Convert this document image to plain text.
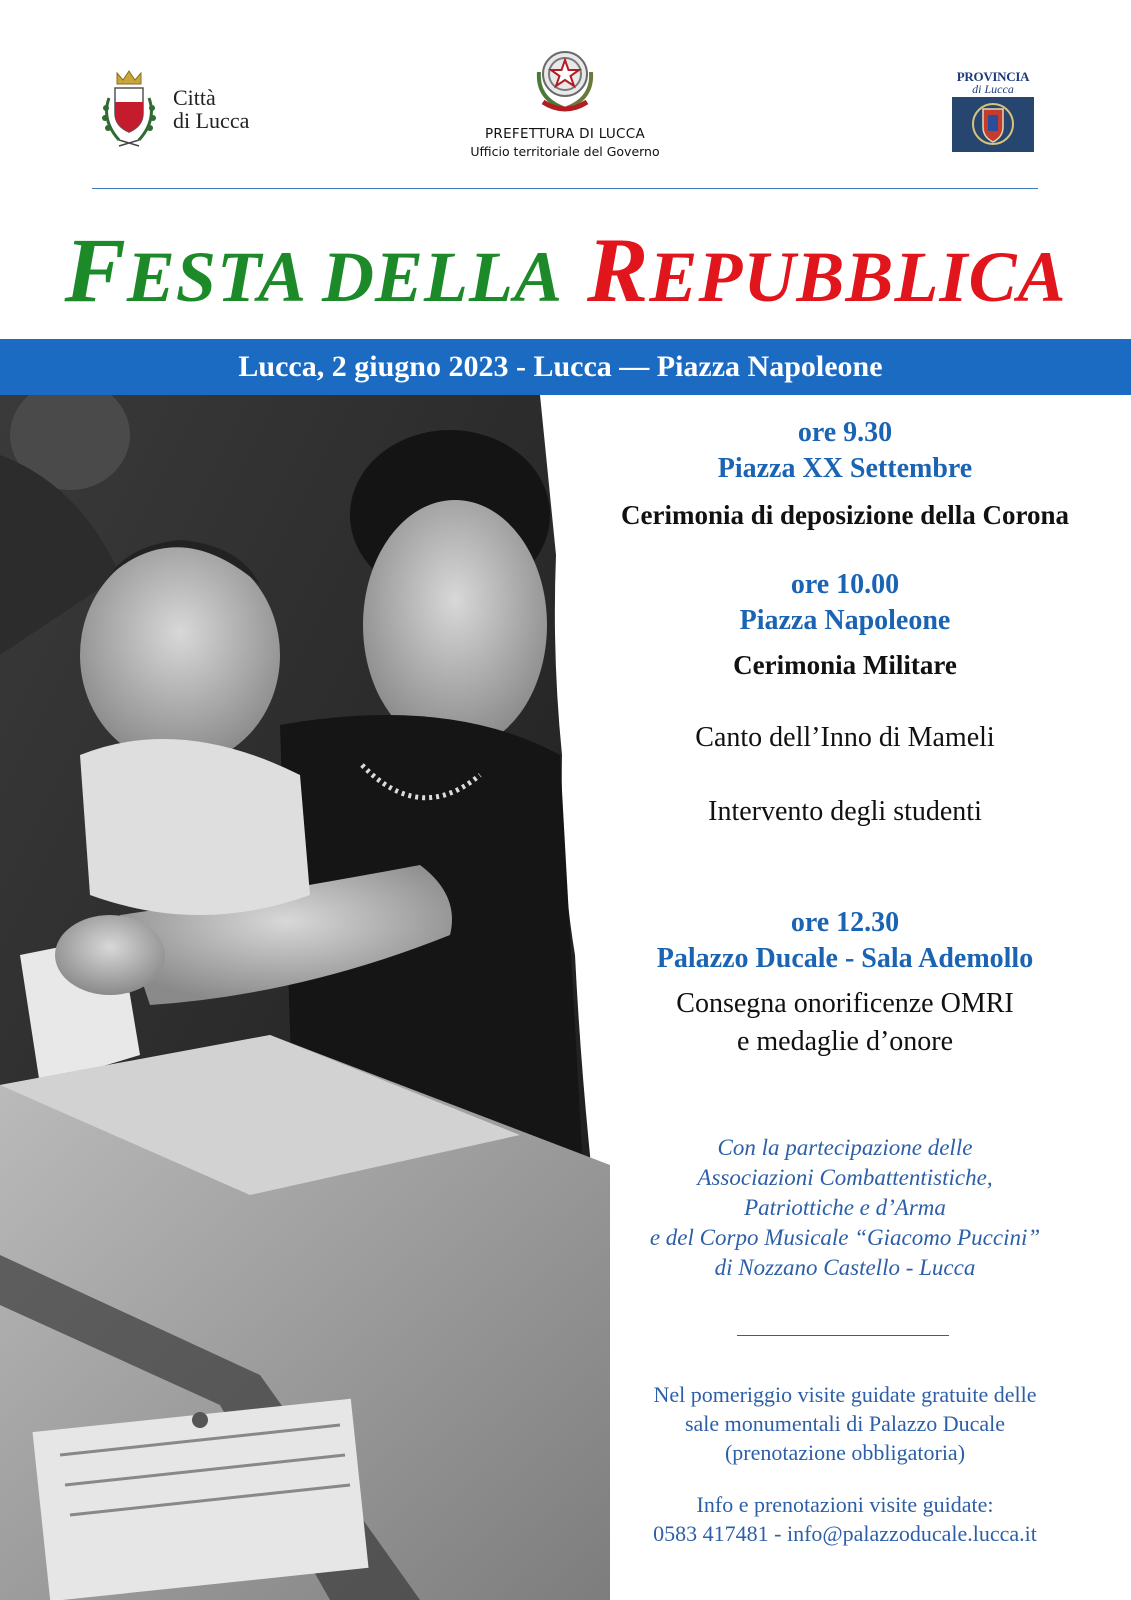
Città
di Lucca
PREFETTURA DI LUCCA
Ufficio territoriale del Governo
PROVINCIA
di Lucca
FESTA DELLA REPUBBLICA
Lucca, 2 giugno 2023 - Lucca — Piazza Napoleone
ore 9.30
Piazza XX Settembre
Cerimonia di deposizione della Corona
ore 10.00
Piazza Napoleone
Cerimonia Militare
Canto dell’Inno di Mameli
Intervento degli studenti
ore 12.30
Palazzo Ducale - Sala Ademollo
Consegna onorificenze OMRI
e medaglie d’onore
Con la partecipazione delle
Associazioni Combattentistiche,
Patriottiche e d’Arma
e del Corpo Musicale “Giacomo Puccini”
di Nozzano Castello - Lucca
Nel pomeriggio visite guidate gratuite delle
sale monumentali di Palazzo Ducale
(prenotazione obbligatoria)
Info e prenotazioni visite guidate:
0583 417481 - info@palazzoducale.lucca.it
